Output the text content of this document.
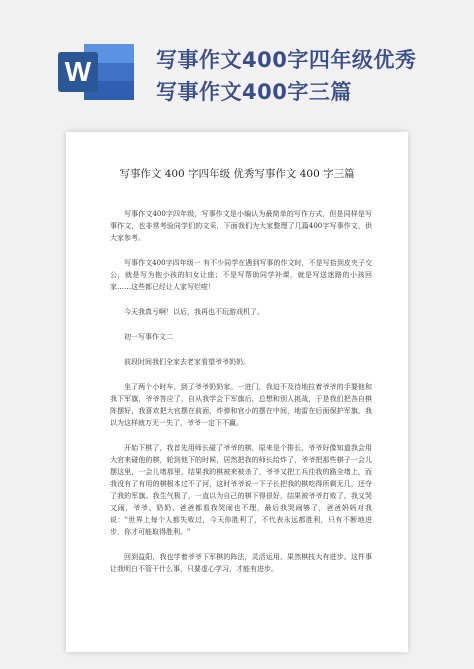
W	写事作文400字四年级优秀
写事作文400字三篇
写事作文 400 字四年级 优秀写事作文 400 字三篇

写事作文400字四年级，写事作文是小编认为最简单的写作方式，但是同样是写事作文，也非常考验同学们的文采，下面我们为大家整理了几篇400字写事作文，供大家参考。

写事作文400字四年级一 有不少同学在遇到写事的作文时，不是写拾到皮夹子交公，就是写为抱小孩的妇女让座；不是写帮助同学补课，就是写送迷路的小孩回家……这些都已经让人家写烂啦！

今天我真亏啊！以后，我再也不玩游戏机了。

初一写事作文二

前段时间我们全家去老家看望爷爷奶奶。

坐了两个小时车，到了爷爷奶奶家。一进门，我迫不及待地拉着爷爷的手要他和我下军旗，爷爷答应了，自从我学会下军旗后，总想和别人挑战，于是我们把各自棋阵摆好，我喜欢把大官摆在前面，炸弹和官小的摆在中间，地雷在后面保护军旗，我以为这样就万无一失了，爷爷一定下不赢。

开始下棋了，我首先用师长碰了爷爷的棋，原来是个排长，爷爷好像知道我会用大官来碰他的棋，轮到他下的时候，居然把我的师长给炸了，爷爷把那些棋子一会儿摆这里，一会儿堵那里，结果我的棋被来被杀了，爷爷又把工兵往我的路全堵上，而我没有了有用的棋根本过不了河，这时爷爷说一下子长把我的棋吃得所剩无几，还夺了我的军旗。我生气极了，一直以为自己的棋下得很好，结果被爷爷打败了。我又哭又闹，爷爷、奶奶、爸爸都看我哭闹也不理，最后我哭闹够了，爸爸妈妈对我说："世界上每个人都失败过，今天你胜利了，不代表永远都胜利，只有不断地进步，你才可能取得胜利。"

回到益阳，我也学着爷爷下军棋的阵法，灵活运用、果然棋技大有进步。这件事让我明白不管干什么事，只要虚心学习，才能有进步。
